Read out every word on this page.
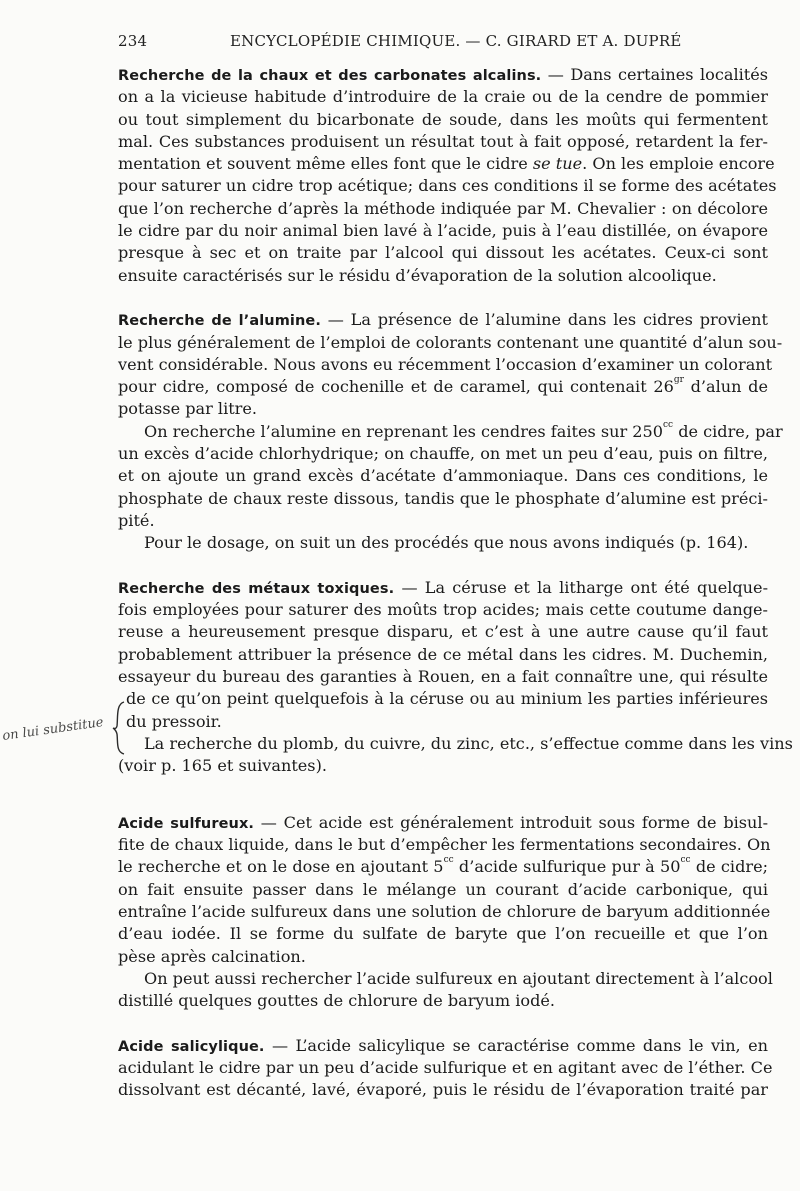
234	ENCYCLOPÉDIE CHIMIQUE. — C. GIRARD ET A. DUPRÉ
Recherche de la chaux et des carbonates alcalins. — Dans certaines localités
on a la vicieuse habitude d’introduire de la craie ou de la cendre de pommier
ou tout simplement du bicarbonate de soude, dans les moûts qui fermentent
mal. Ces substances produisent un résultat tout à fait opposé, retardent la fer-
mentation et souvent même elles font que le cidre se tue. On les emploie encore
pour saturer un cidre trop acétique; dans ces conditions il se forme des acétates
que l’on recherche d’après la méthode indiquée par M. Chevalier : on décolore
le cidre par du noir animal bien lavé à l’acide, puis à l’eau distillée, on évapore
presque à sec et on traite par l’alcool qui dissout les acétates. Ceux-ci sont
ensuite caractérisés sur le résidu d’évaporation de la solution alcoolique.
Recherche de l’alumine. — La présence de l’alumine dans les cidres provient
le plus généralement de l’emploi de colorants contenant une quantité d’alun sou-
vent considérable. Nous avons eu récemment l’occasion d’examiner un colorant
pour cidre, composé de cochenille et de caramel, qui contenait $26^{gr}$ d’alun de
potasse par litre.
On recherche l’alumine en reprenant les cendres faites sur $250^{cc}$ de cidre, par
un excès d’acide chlorhydrique; on chauffe, on met un peu d’eau, puis on filtre,
et on ajoute un grand excès d’acétate d’ammoniaque. Dans ces conditions, le
phosphate de chaux reste dissous, tandis que le phosphate d’alumine est préci-
pité.
Pour le dosage, on suit un des procédés que nous avons indiqués (p. 164).
Recherche des métaux toxiques. — La céruse et la litharge ont été quelque-
fois employées pour saturer des moûts trop acides; mais cette coutume dange-
reuse a heureusement presque disparu, et c’est à une autre cause qu’il faut
probablement attribuer la présence de ce métal dans les cidres. M. Duchemin,
essayeur du bureau des garanties à Rouen, en a fait connaître une, qui résulte
de ce qu’on peint quelquefois à la céruse ou au minium les parties inférieures
du pressoir.
La recherche du plomb, du cuivre, du zinc, etc., s’effectue comme dans les vins
(voir p. 165 et suivantes).
Acide sulfureux. — Cet acide est généralement introduit sous forme de bisul-
fite de chaux liquide, dans le but d’empêcher les fermentations secondaires. On
le recherche et on le dose en ajoutant $5^{cc}$ d’acide sulfurique pur à $50^{cc}$ de cidre;
on fait ensuite passer dans le mélange un courant d’acide carbonique, qui
entraîne l’acide sulfureux dans une solution de chlorure de baryum additionnée
d’eau iodée. Il se forme du sulfate de baryte que l’on recueille et que l’on
pèse après calcination.
On peut aussi rechercher l’acide sulfureux en ajoutant directement à l’alcool
distillé quelques gouttes de chlorure de baryum iodé.
Acide salicylique. — L’acide salicylique se caractérise comme dans le vin, en
acidulant le cidre par un peu d’acide sulfurique et en agitant avec de l’éther. Ce
dissolvant est décanté, lavé, évaporé, puis le résidu de l’évaporation traité par
on lui substitue
